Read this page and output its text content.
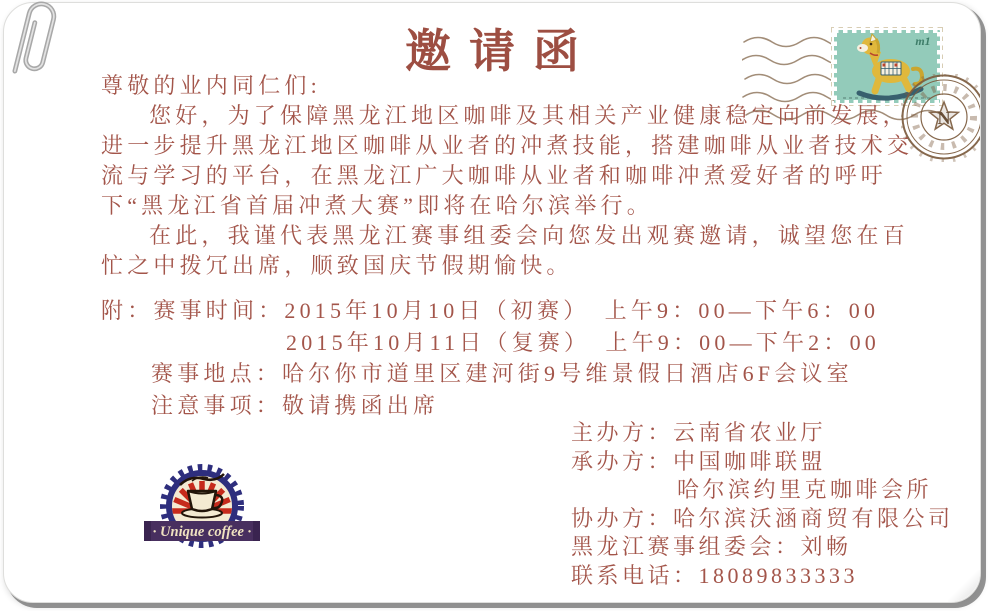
邀请函	m1
N

尊敬的业内同仁们:

您好，为了保障黑龙江地区咖啡及其相关产业健康稳定向前发展，进一步提升黑龙江地区咖啡从业者的冲煮技能，搭建咖啡从业者技术交流与学习的平台，在黑龙江广大咖啡从业者和咖啡冲煮爱好者的呼吁下“黑龙江省首届冲煮大赛”即将在哈尔滨举行。

在此，我谨代表黑龙江赛事组委会向您发出观赛邀请，诚望您在百忙之中拨冗出席，顺致国庆节假期愉快。

附：赛事时间：2015年10月10日（初赛）　上午9：00—下午6：00
2015年10月11日（复赛）　上午9：00—下午2：00
赛事地点：哈尔你市道里区建河街9号维景假日酒店6F会议室
注意事项：敬请携函出席
主办方：云南省农业厅
承办方：中国咖啡联盟
哈尔滨约里克咖啡会所
协办方：哈尔滨沃涵商贸有限公司
黑龙江赛事组委会：刘畅
联系电话：18089833333
· Unique coffee ·
